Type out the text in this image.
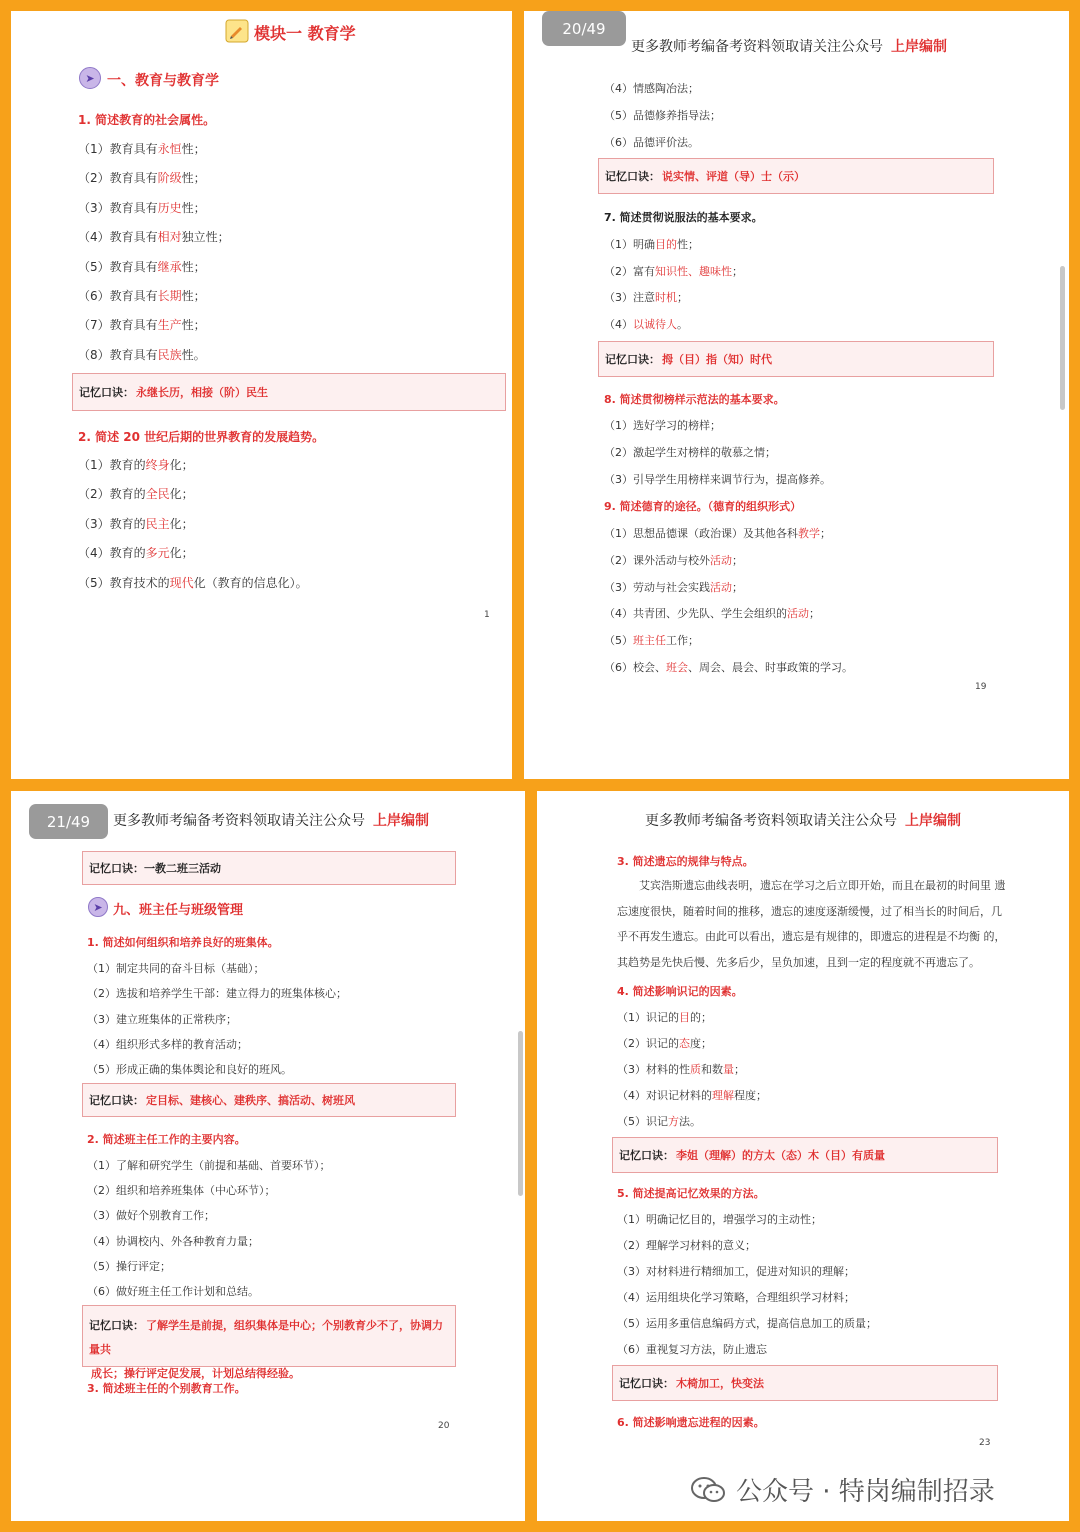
模块一 教育学
➤ 一、教育与教育学
1. 简述教育的社会属性。
（1）教育具有永恒性；
（2）教育具有阶级性；
（3）教育具有历史性；
（4）教育具有相对独立性；
（5）教育具有继承性；
（6）教育具有长期性；
（7）教育具有生产性；
（8）教育具有民族性。
记忆口诀： 永继长历，相接（阶）民生
2. 简述 20 世纪后期的世界教育的发展趋势。
（1）教育的终身化；
（2）教育的全民化；
（3）教育的民主化；
（4）教育的多元化；
（5）教育技术的现代化（教育的信息化）。
1
20/49
更多教师考编备考资料领取请关注公众号 上岸编制
（4）情感陶冶法；
（5）品德修养指导法；
（6）品德评价法。
记忆口诀： 说实情、评道（导）士（示）
7. 简述贯彻说服法的基本要求。
（1）明确目的性；
（2）富有知识性、趣味性；
（3）注意时机；
（4）以诚待人。
记忆口诀： 拇（目）指（知）时代
8. 简述贯彻榜样示范法的基本要求。
（1）选好学习的榜样；
（2）激起学生对榜样的敬慕之情；
（3）引导学生用榜样来调节行为，提高修养。
9. 简述德育的途径。（德育的组织形式）
（1）思想品德课（政治课）及其他各科教学；
（2）课外活动与校外活动；
（3）劳动与社会实践活动；
（4）共青团、少先队、学生会组织的活动；
（5）班主任工作；
（6）校会、班会、周会、晨会、时事政策的学习。
19
21/49	更多教师考编备考资料领取请关注公众号 上岸编制
记忆口诀： 一教二班三活动
➤ 九、班主任与班级管理
1. 简述如何组织和培养良好的班集体。
（1）制定共同的奋斗目标（基础）；
（2）选拔和培养学生干部：建立得力的班集体核心；
（3）建立班集体的正常秩序；
（4）组织形式多样的教育活动；
（5）形成正确的集体舆论和良好的班风。
记忆口诀： 定目标、建核心、建秩序、搞活动、树班风
2. 简述班主任工作的主要内容。
（1）了解和研究学生（前提和基础、首要环节）；
（2）组织和培养班集体（中心环节）；
（3）做好个别教育工作；
（4）协调校内、外各种教育力量；
（5）操行评定；
（6）做好班主任工作计划和总结。
记忆口诀： 了解学生是前提，组织集体是中心；个别教育少不了，协调力量共
成长；操行评定促发展，计划总结得经验。
3. 简述班主任的个别教育工作。
20
更多教师考编备考资料领取请关注公众号 上岸编制
3. 简述遗忘的规律与特点。
艾宾浩斯遗忘曲线表明，遗忘在学习之后立即开始，而且在最初的时间里 遗
忘速度很快，随着时间的推移，遗忘的速度逐渐缓慢，过了相当长的时间后，几
乎不再发生遗忘。由此可以看出，遗忘是有规律的，即遗忘的进程是不均衡 的，
其趋势是先快后慢、先多后少，呈负加速，且到一定的程度就不再遗忘了。
4. 简述影响识记的因素。
（1）识记的目的；
（2）识记的态度；
（4）对识记材料的理解程度；
（5）识记方法。
（3）材料的性质和数量；
记忆口诀： 李姐（理解）的方太（态）木（目）有质量
5. 简述提高记忆效果的方法。
（1）明确记忆目的，增强学习的主动性；
（2）理解学习材料的意义；
（3）对材料进行精细加工，促进对知识的理解；
（4）运用组块化学习策略，合理组织学习材料；
（5）运用多重信息编码方式，提高信息加工的质量；
（6）重视复习方法，防止遗忘
记忆口诀： 木椅加工，快变法
6. 简述影响遗忘进程的因素。
23
公众号 · 特岗编制招录
